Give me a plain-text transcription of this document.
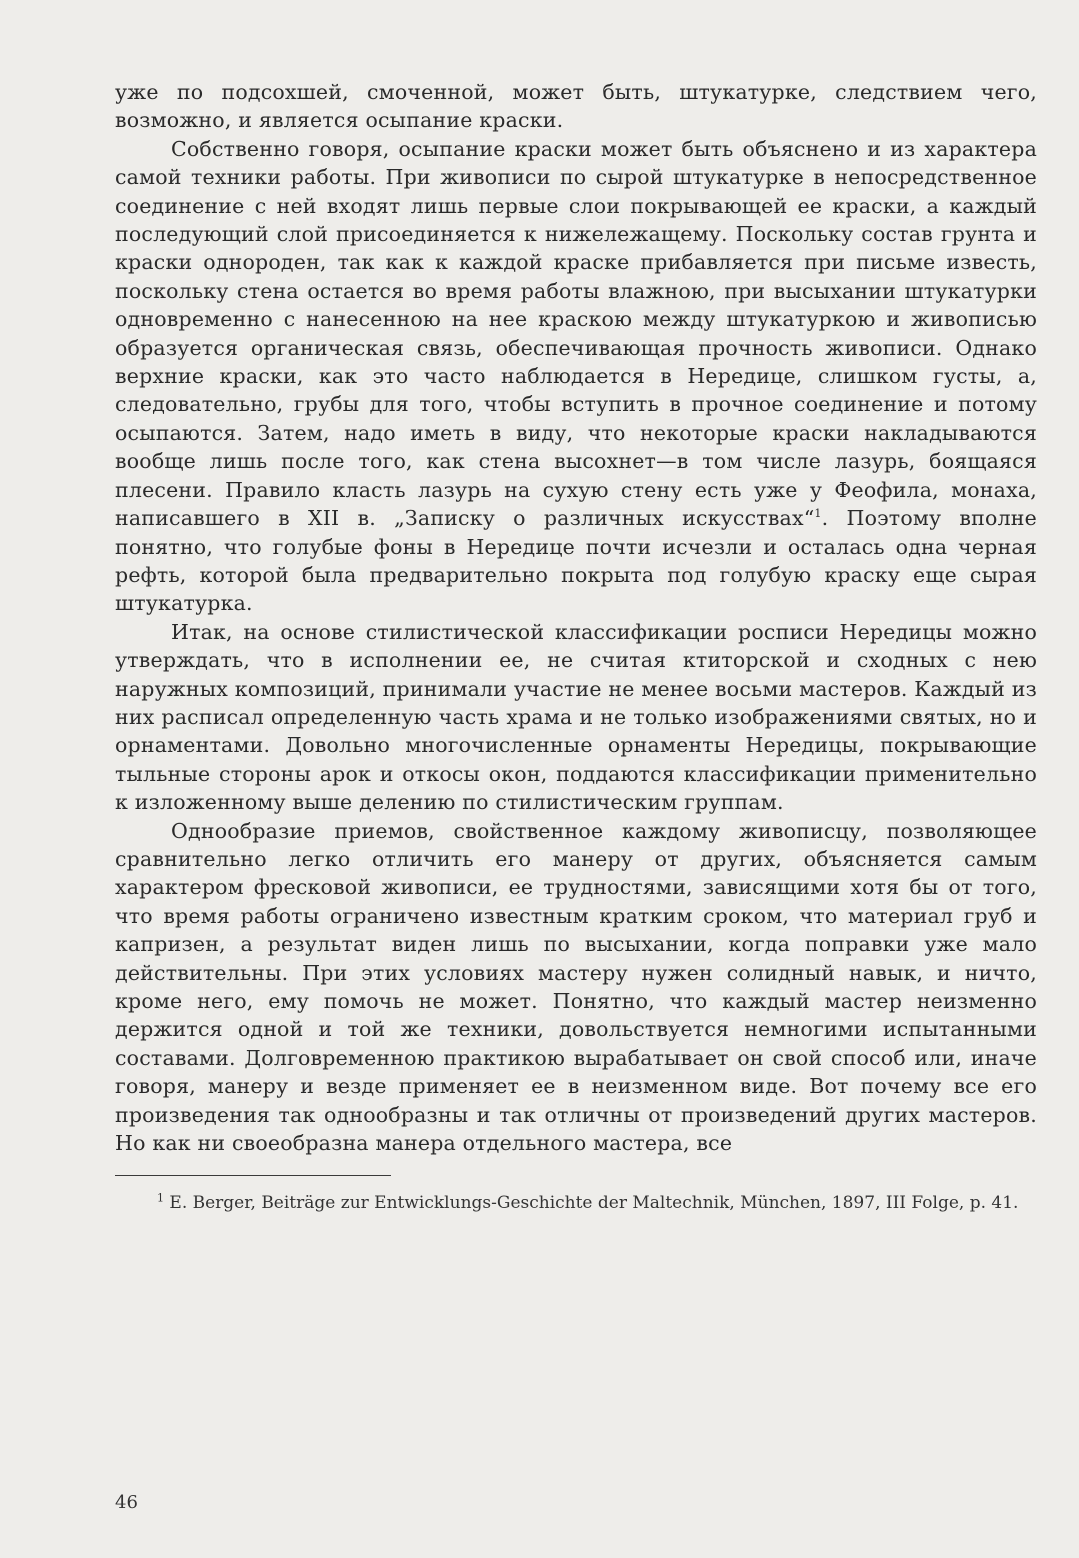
уже по подсохшей, смоченной, может быть, штукатурке, следствием чего, возможно, и является осыпание краски.

Собственно говоря, осыпание краски может быть объяснено и из характера самой техники работы. При живописи по сырой штукатурке в непосредственное соединение с ней входят лишь первые слои покрывающей ее краски, а каждый последующий слой присоединяется к нижележащему. Поскольку состав грунта и краски однороден, так как к каждой краске прибавляется при письме известь, поскольку стена остается во время работы влажною, при высыхании штукатурки одновременно с нанесенною на нее краскою между штукатуркою и живописью образуется органическая связь, обеспечивающая прочность живописи. Однако верхние краски, как это часто наблюдается в Нередице, слишком густы, а, следовательно, грубы для того, чтобы вступить в прочное соединение и потому осыпаются. Затем, надо иметь в виду, что некоторые краски накладываются вообще лишь после того, как стена высохнет—в том числе лазурь, боящаяся плесени. Правило класть лазурь на сухую стену есть уже у Феофила, монаха, написавшего в XII в. „Записку о различных искусствах“$^1$. Поэтому вполне понятно, что голубые фоны в Нередице почти исчезли и осталась одна черная рефть, которой была предварительно покрыта под голубую краску еще сырая штукатурка.

Итак, на основе стилистической классификации росписи Нередицы можно утверждать, что в исполнении ее, не считая ктиторской и сходных с нею наружных композиций, принимали участие не менее восьми мастеров. Каждый из них расписал определенную часть храма и не только изображениями святых, но и орнаментами. Довольно многочисленные орнаменты Нередицы, покрывающие тыльные стороны арок и откосы окон, поддаются классификации применительно к изложенному выше делению по стилистическим группам.

Однообразие приемов, свойственное каждому живописцу, позволяющее сравнительно легко отличить его манеру от других, объясняется самым характером фресковой живописи, ее трудностями, зависящими хотя бы от того, что время работы ограничено известным кратким сроком, что материал груб и капризен, а результат виден лишь по высыхании, когда поправки уже мало действительны. При этих условиях мастеру нужен солидный навык, и ничто, кроме него, ему помочь не может. Понятно, что каждый мастер неизменно держится одной и той же техники, довольствуется немногими испытанными составами. Долговременною практикою вырабатывает он свой способ или, иначе говоря, манеру и везде применяет ее в неизменном виде. Вот почему все его произведения так однообразны и так отличны от произведений других мастеров. Но как ни своеобразна манера отдельного мастера, все

$^1$ E. Berger, Beiträge zur Entwicklungs-Geschichte der Maltechnik, München, 1897, III Folge, p. 41.
46
